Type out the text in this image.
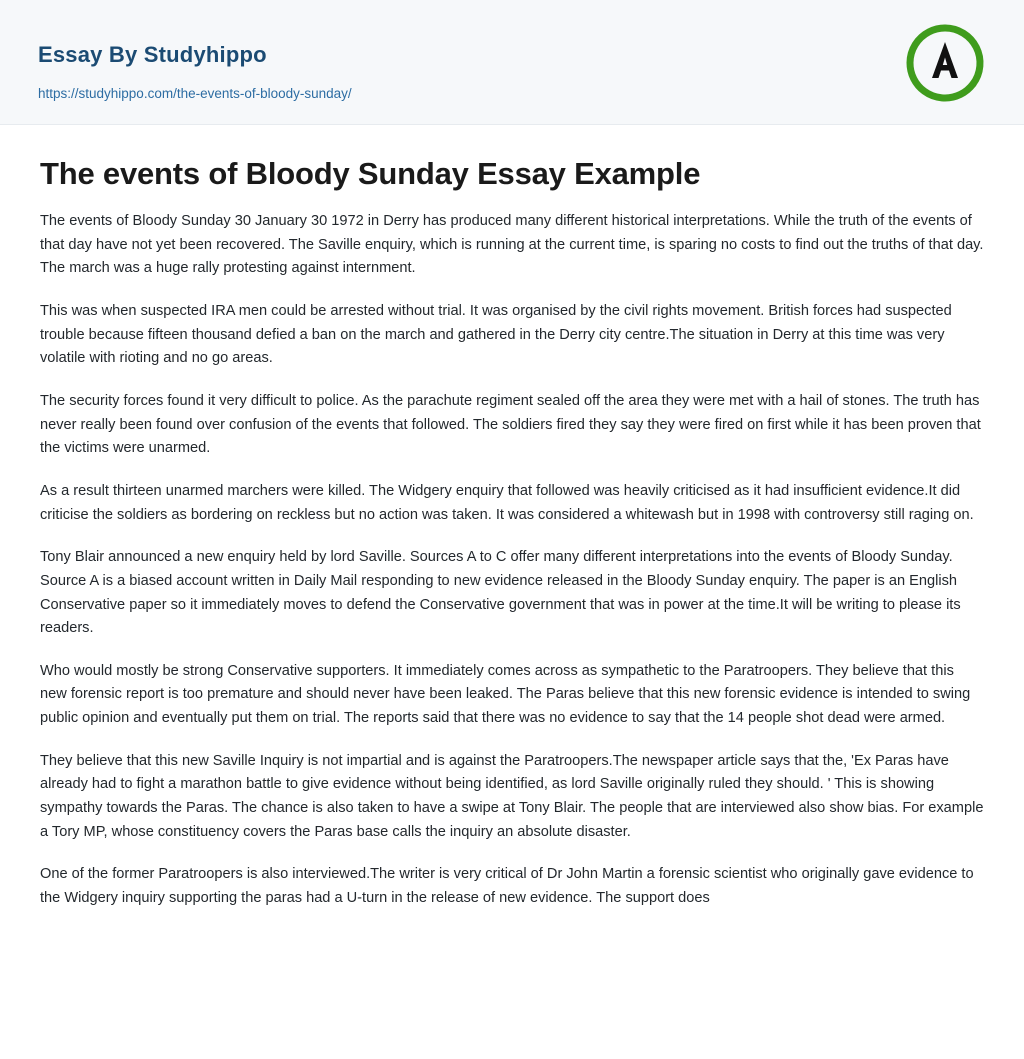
Essay By Studyhippo
https://studyhippo.com/the-events-of-bloody-sunday/
The events of Bloody Sunday Essay Example

The events of Bloody Sunday 30 January 30 1972 in Derry has produced many different historical interpretations. While the truth of the events of that day have not yet been recovered. The Saville enquiry, which is running at the current time, is sparing no costs to find out the truths of that day. The march was a huge rally protesting against internment.

This was when suspected IRA men could be arrested without trial. It was organised by the civil rights movement. British forces had suspected trouble because fifteen thousand defied a ban on the march and gathered in the Derry city centre.The situation in Derry at this time was very volatile with rioting and no go areas.

The security forces found it very difficult to police. As the parachute regiment sealed off the area they were met with a hail of stones. The truth has never really been found over confusion of the events that followed. The soldiers fired they say they were fired on first while it has been proven that the victims were unarmed.

As a result thirteen unarmed marchers were killed. The Widgery enquiry that followed was heavily criticised as it had insufficient evidence.It did criticise the soldiers as bordering on reckless but no action was taken. It was considered a whitewash but in 1998 with controversy still raging on.

Tony Blair announced a new enquiry held by lord Saville. Sources A to C offer many different interpretations into the events of Bloody Sunday. Source A is a biased account written in Daily Mail responding to new evidence released in the Bloody Sunday enquiry. The paper is an English Conservative paper so it immediately moves to defend the Conservative government that was in power at the time.It will be writing to please its readers.

Who would mostly be strong Conservative supporters. It immediately comes across as sympathetic to the Paratroopers. They believe that this new forensic report is too premature and should never have been leaked. The Paras believe that this new forensic evidence is intended to swing public opinion and eventually put them on trial. The reports said that there was no evidence to say that the 14 people shot dead were armed.

They believe that this new Saville Inquiry is not impartial and is against the Paratroopers.The newspaper article says that the, 'Ex Paras have already had to fight a marathon battle to give evidence without being identified, as lord Saville originally ruled they should. ' This is showing sympathy towards the Paras. The chance is also taken to have a swipe at Tony Blair. The people that are interviewed also show bias. For example a Tory MP, whose constituency covers the Paras base calls the inquiry an absolute disaster.

One of the former Paratroopers is also interviewed.The writer is very critical of Dr John Martin a forensic scientist who originally gave evidence to the Widgery inquiry supporting the paras had a U-turn in the release of new evidence. The support does
